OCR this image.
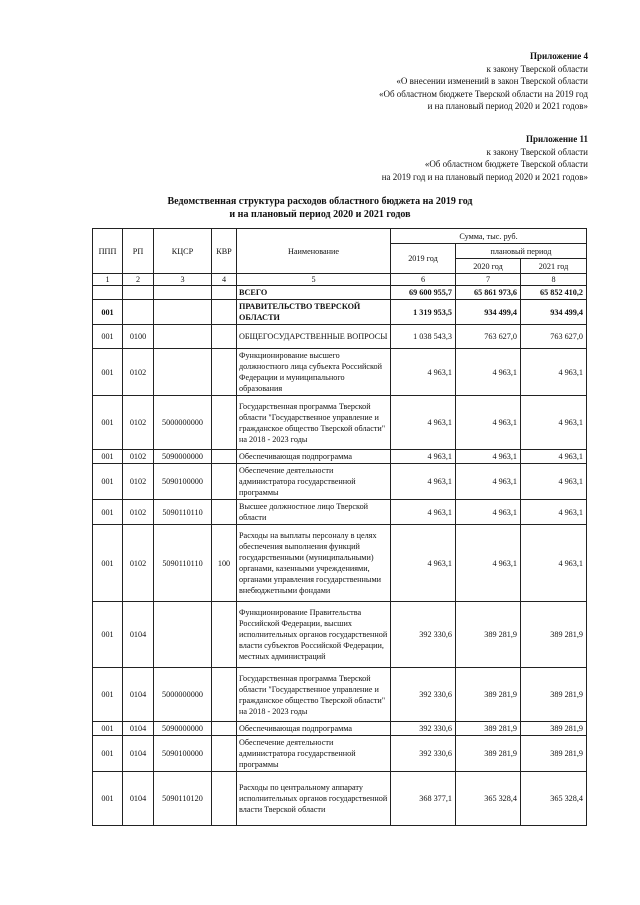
Приложение 4
к закону Тверской области
«О внесении изменений в закон Тверской области
«Об областном бюджете Тверской области на 2019 год
и на плановый период 2020 и 2021 годов»
Приложение 11
к закону Тверской области
«Об областном бюджете Тверской области
на 2019 год и на плановый период 2020 и 2021 годов»
Ведомственная структура расходов областного бюджета на 2019 год
и на плановый период 2020 и 2021 годов
ППП	РП	КЦСР	КВР	Наименование	Сумма, тыс. руб.		
					2019 год	плановый период	
						2020 год	2021 год
1	2	3	4	5	6	7	8
				ВСЕГО	69 600 955,7	65 861 973,6	65 852 410,2
001				ПРАВИТЕЛЬСТВО ТВЕРСКОЙ ОБЛАСТИ	1 319 953,5	934 499,4	934 499,4
001	0100			ОБЩЕГОСУДАРСТВЕННЫЕ ВОПРОСЫ	1 038 543,3	763 627,0	763 627,0
001	0102			Функционирование высшего должностного лица субъекта Российской Федерации и муниципального образования	4 963,1	4 963,1	4 963,1
001	0102	5000000000		Государственная программа Тверской области "Государственное управление и гражданское общество Тверской области" на 2018 - 2023 годы	4 963,1	4 963,1	4 963,1
001	0102	5090000000		Обеспечивающая подпрограмма	4 963,1	4 963,1	4 963,1
001	0102	5090100000		Обеспечение деятельности администратора государственной программы	4 963,1	4 963,1	4 963,1
001	0102	5090110110		Высшее должностное лицо Тверской области	4 963,1	4 963,1	4 963,1
001	0102	5090110110	100	Расходы на выплаты персоналу в целях обеспечения выполнения функций государственными (муниципальными) органами, казенными учреждениями, органами управления государственными внебюджетными фондами	4 963,1	4 963,1	4 963,1
001	0104			Функционирование Правительства Российской Федерации, высших исполнительных органов государственной власти субъектов Российской Федерации, местных администраций	392 330,6	389 281,9	389 281,9
001	0104	5000000000		Государственная программа Тверской области "Государственное управление и гражданское общество Тверской области" на 2018 - 2023 годы	392 330,6	389 281,9	389 281,9
001	0104	5090000000		Обеспечивающая подпрограмма	392 330,6	389 281,9	389 281,9
001	0104	5090100000		Обеспечение деятельности администратора государственной программы	392 330,6	389 281,9	389 281,9
001	0104	5090110120		Расходы по центральному аппарату исполнительных органов государственной власти Тверской области	368 377,1	365 328,4	365 328,4
